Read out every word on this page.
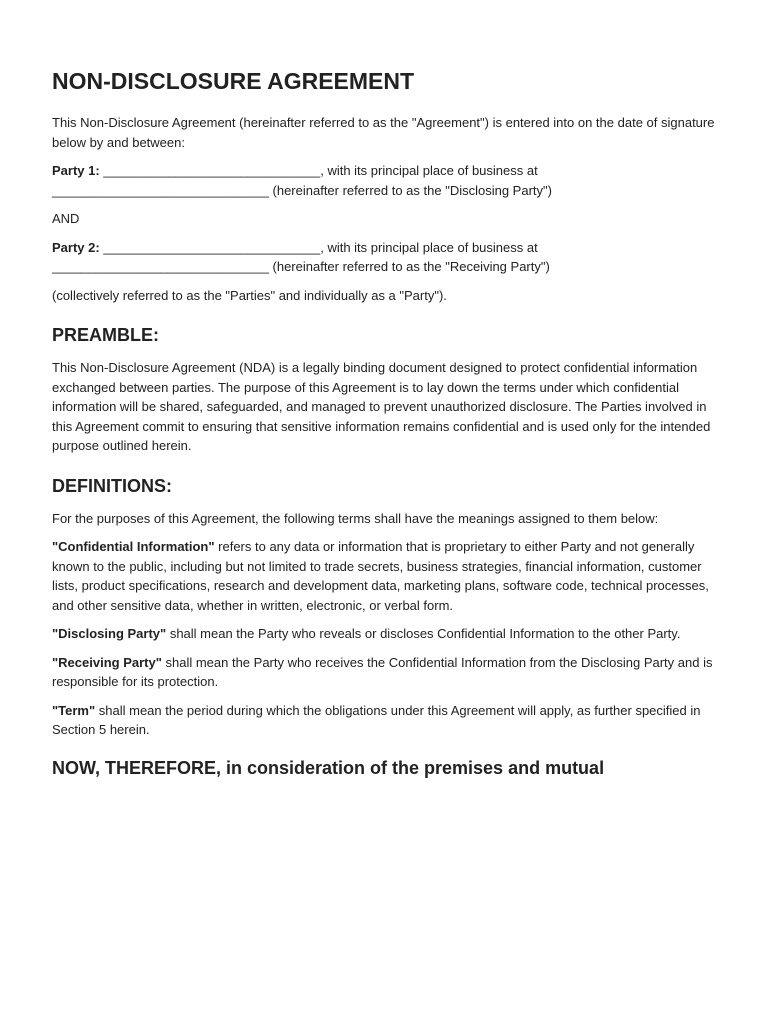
NON-DISCLOSURE AGREEMENT

This Non-Disclosure Agreement (hereinafter referred to as the "Agreement") is entered into on the date of signature below by and between:

Party 1: ______________________________, with its principal place of business at ______________________________ (hereinafter referred to as the "Disclosing Party")

AND

Party 2: ______________________________, with its principal place of business at ______________________________ (hereinafter referred to as the "Receiving Party")

(collectively referred to as the "Parties" and individually as a "Party").

PREAMBLE:

This Non-Disclosure Agreement (NDA) is a legally binding document designed to protect confidential information exchanged between parties. The purpose of this Agreement is to lay down the terms under which confidential information will be shared, safeguarded, and managed to prevent unauthorized disclosure. The Parties involved in this Agreement commit to ensuring that sensitive information remains confidential and is used only for the intended purpose outlined herein.

DEFINITIONS:

For the purposes of this Agreement, the following terms shall have the meanings assigned to them below:

"Confidential Information" refers to any data or information that is proprietary to either Party and not generally known to the public, including but not limited to trade secrets, business strategies, financial information, customer lists, product specifications, research and development data, marketing plans, software code, technical processes, and other sensitive data, whether in written, electronic, or verbal form.

"Disclosing Party" shall mean the Party who reveals or discloses Confidential Information to the other Party.

"Receiving Party" shall mean the Party who receives the Confidential Information from the Disclosing Party and is responsible for its protection.

"Term" shall mean the period during which the obligations under this Agreement will apply, as further specified in Section 5 herein.

NOW, THEREFORE, in consideration of the premises and mutual
